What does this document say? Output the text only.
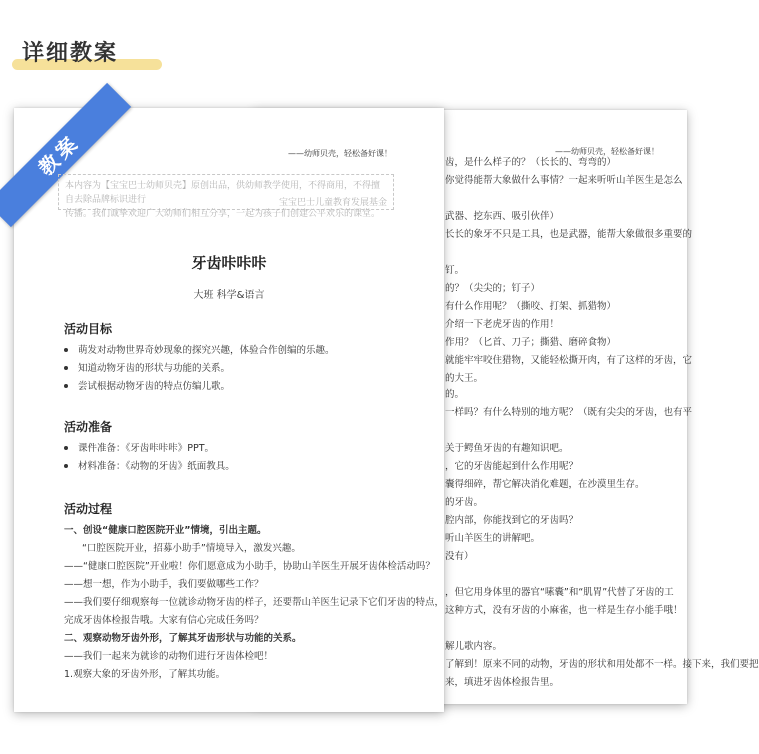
详细教案
——幼师贝壳，轻松备好课！
齿，是什么样子的？（长长的、弯弯的）
你觉得能帮大象做什么事情？一起来听听山羊医生是怎么
武器、挖东西、吸引伙伴）
长长的象牙不只是工具，也是武器，能帮大象做很多重要的
钉。
的？（尖尖的；钉子）
有什么作用呢？（撕咬、打架、抓猎物）
介绍一下老虎牙齿的作用！
作用？（匕首、刀子；撕猎、磨碎食物）
就能牢牢咬住猎物，又能轻松撕开肉，有了这样的牙齿，它
的大王。
的。
一样吗？有什么特别的地方呢？（既有尖尖的牙齿，也有平
关于鳄鱼牙齿的有趣知识吧。
，它的牙齿能起到什么作用呢？
囊得细碎，帮它解决消化难题，在沙漠里生存。
的牙齿。
腔内部，你能找到它的牙齿吗？
听山羊医生的讲解吧。
没有）
，但它用身体里的器官“嗉囊”和“肌胃”代替了牙齿的工
这种方式，没有牙齿的小麻雀，也一样是生存小能手哦！
解儿歌内容。
了解到！原来不同的动物，牙齿的形状和用处都不一样。接下来，我们要把
来，填进牙齿体检报告里。
教案	——幼师贝壳，轻松备好课！
本内容为【宝宝巴士幼师贝壳】原创出品，供幼师教学使用，不得商用，不得擅自去除品牌标识进行
传播。我们诚挚欢迎广大幼师们相互分享，一起为孩子们创建公平欢乐的课堂。
宝宝巴士儿童教育发展基金
牙齿咔咔咔
大班 科学&语言
活动目标
萌发对动物世界奇妙现象的探究兴趣，体验合作创编的乐趣。
知道动物牙齿的形状与功能的关系。
尝试根据动物牙齿的特点仿编儿歌。
活动准备
课件准备：《牙齿咔咔咔》PPT。
材料准备：《动物的牙齿》纸面教具。
活动过程
一、创设“健康口腔医院开业”情境，引出主题。
“口腔医院开业，招募小助手”情境导入，激发兴趣。
——“健康口腔医院”开业啦！你们愿意成为小助手，协助山羊医生开展牙齿体检活动吗？
——想一想，作为小助手，我们要做哪些工作？
——我们要仔细观察每一位就诊动物牙齿的样子，还要帮山羊医生记录下它们牙齿的特点，
完成牙齿体检报告哦。大家有信心完成任务吗？
二、观察动物牙齿外形，了解其牙齿形状与功能的关系。
——我们一起来为就诊的动物们进行牙齿体检吧！
1.观察大象的牙齿外形，了解其功能。
